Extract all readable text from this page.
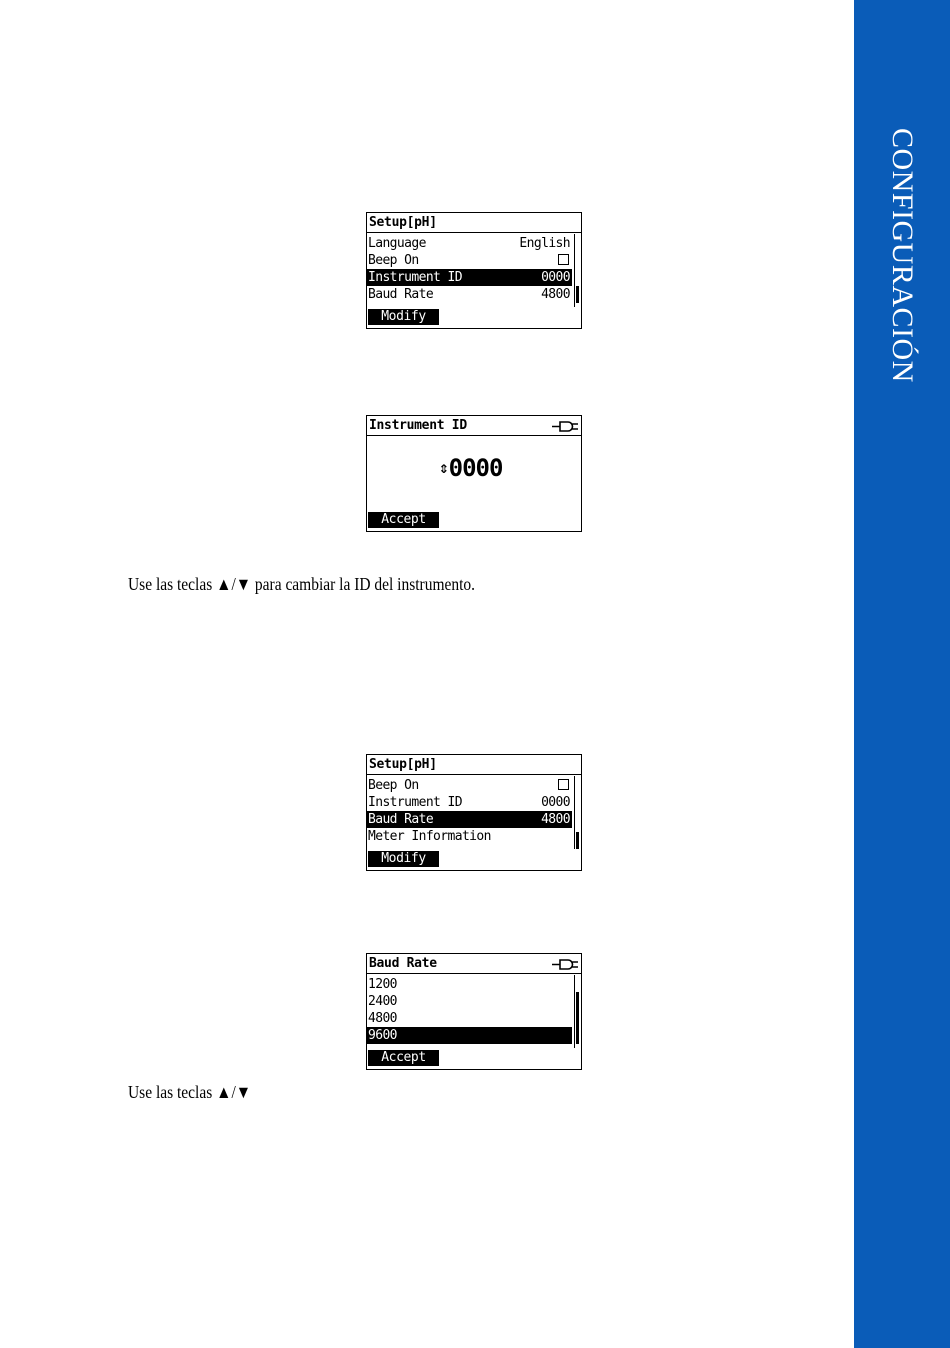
CONFIGURACIÓN
Setup[pH]
Language	English
Beep On
Instrument ID	0000
Baud Rate	4800
Modify
Instrument ID
⇕0000
Accept
Use las teclas ▲/▼ para cambiar la ID del instrumento.
Setup[pH]
Beep On
Instrument ID	0000
Baud Rate	4800
Meter Information
Modify
Baud Rate
1200
2400
4800
9600
Accept
Use las teclas ▲/▼
